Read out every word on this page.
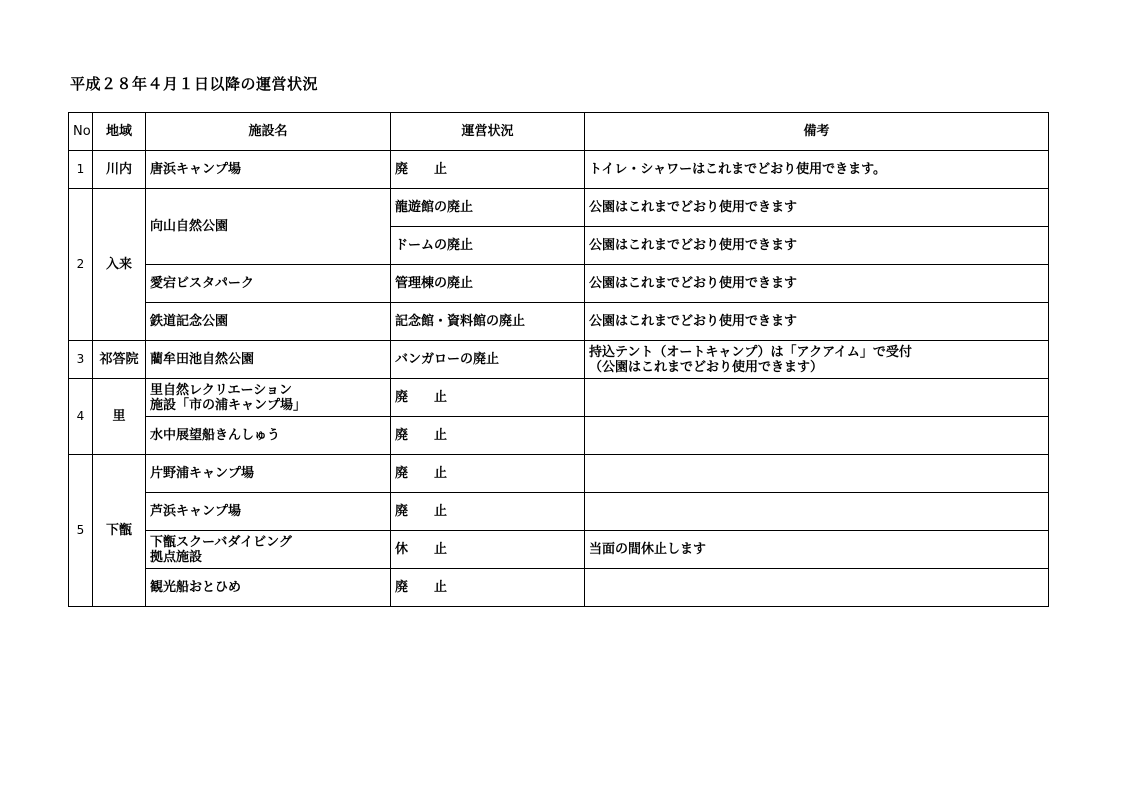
平成２８年４月１日以降の運営状況
No	地域	施設名	運営状況	備考
1	川内	唐浜キャンプ場	廃　　止	トイレ・シャワーはこれまでどおり使用できます。
2	入来	向山自然公園	龍遊館の廃止	公園はこれまでどおり使用できます
			ドームの廃止	公園はこれまでどおり使用できます
		愛宕ビスタパーク	管理棟の廃止	公園はこれまでどおり使用できます
		鉄道記念公園	記念館・資料館の廃止	公園はこれまでどおり使用できます
3	祁答院	藺牟田池自然公園	バンガローの廃止	持込テント（オートキャンプ）は「アクアイム」で受付
（公園はこれまでどおり使用できます）

4	里	里自然レクリエーション
施設「市の浦キャンプ場」	廃　　止	
		水中展望船きんしゅう	廃　　止	
5	下甑	片野浦キャンプ場	廃　　止	
		芦浜キャンプ場	廃　　止	

		下甑スクーバダイビング
拠点施設	休　　止	当面の間休止します
		観光船おとひめ	廃　　止	
